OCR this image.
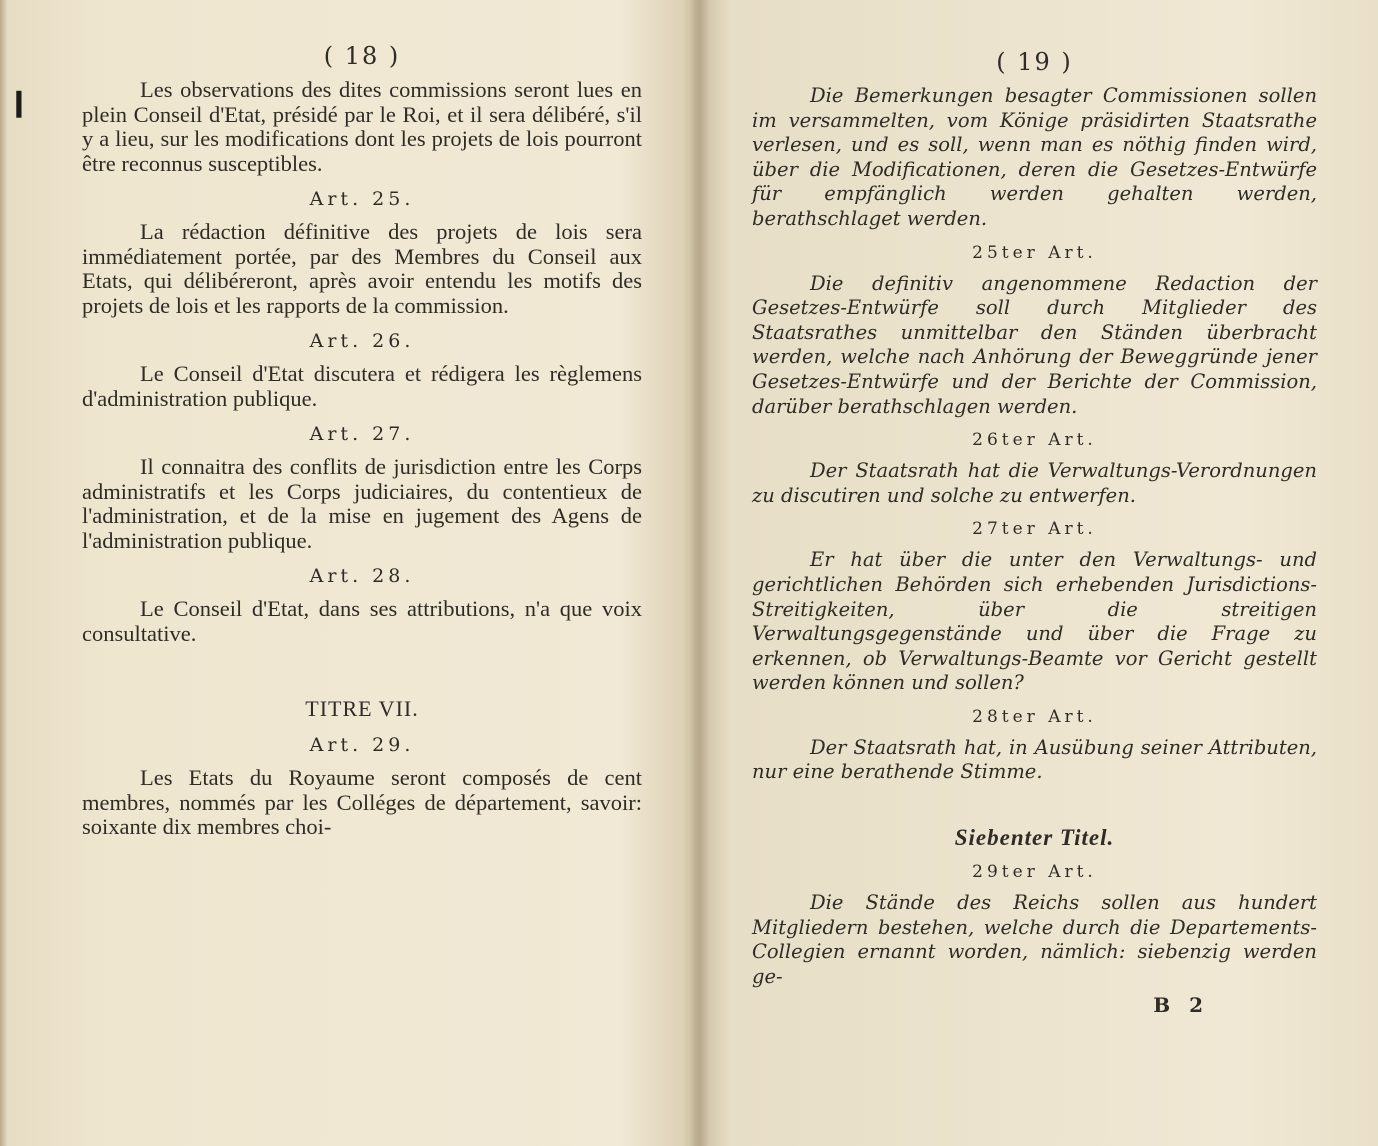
❙
( 18 )

Les observations des dites commissions seront lues en plein Conseil d'Etat, présidé par le Roi, et il sera délibéré, s'il y a lieu, sur les modifications dont les projets de lois pourront être reconnus susceptibles.

Art. 25.

La rédaction définitive des projets de lois sera immédiatement portée, par des Membres du Conseil aux Etats, qui délibéreront, après avoir entendu les motifs des projets de lois et les rapports de la commission.

Art. 26.

Le Conseil d'Etat discutera et rédigera les règlemens d'administration publique.

Art. 27.

Il connaitra des conflits de jurisdiction entre les Corps administratifs et les Corps judiciaires, du contentieux de l'administration, et de la mise en jugement des Agens de l'administration publique.

Art. 28.

Le Conseil d'Etat, dans ses attributions, n'a que voix consultative.

TITRE VII.
Art. 29.

Les Etats du Royaume seront composés de cent membres, nommés par les Colléges de département, savoir: soixante dix membres choi-

( 19 )

Die Bemerkungen besagter Commissionen sollen im versammelten, vom Könige präsidirten Staatsrathe verlesen, und es soll, wenn man es nöthig finden wird, über die Modificationen, deren die Gesetzes-Entwürfe für empfänglich werden gehalten werden, berathschlaget werden.

25ter Art.

Die definitiv angenommene Redaction der Gesetzes-Entwürfe soll durch Mitglieder des Staatsrathes unmittelbar den Ständen überbracht werden, welche nach Anhörung der Beweggründe jener Gesetzes-Entwürfe und der Berichte der Commission, darüber berathschlagen werden.

26ter Art.

Der Staatsrath hat die Verwaltungs-Verordnungen zu discutiren und solche zu entwerfen.

27ter Art.

Er hat über die unter den Verwaltungs- und gerichtlichen Behörden sich erhebenden Jurisdictions-Streitigkeiten, über die streitigen Verwaltungsgegenstände und über die Frage zu erkennen, ob Verwaltungs-Beamte vor Gericht gestellt werden können und sollen?

28ter Art.

Der Staatsrath hat, in Ausübung seiner Attributen, nur eine berathende Stimme.

Siebenter Titel.
29ter Art.

Die Stände des Reichs sollen aus hundert Mitgliedern bestehen, welche durch die Departements-Collegien ernannt worden, nämlich: siebenzig werden ge-

B 2
